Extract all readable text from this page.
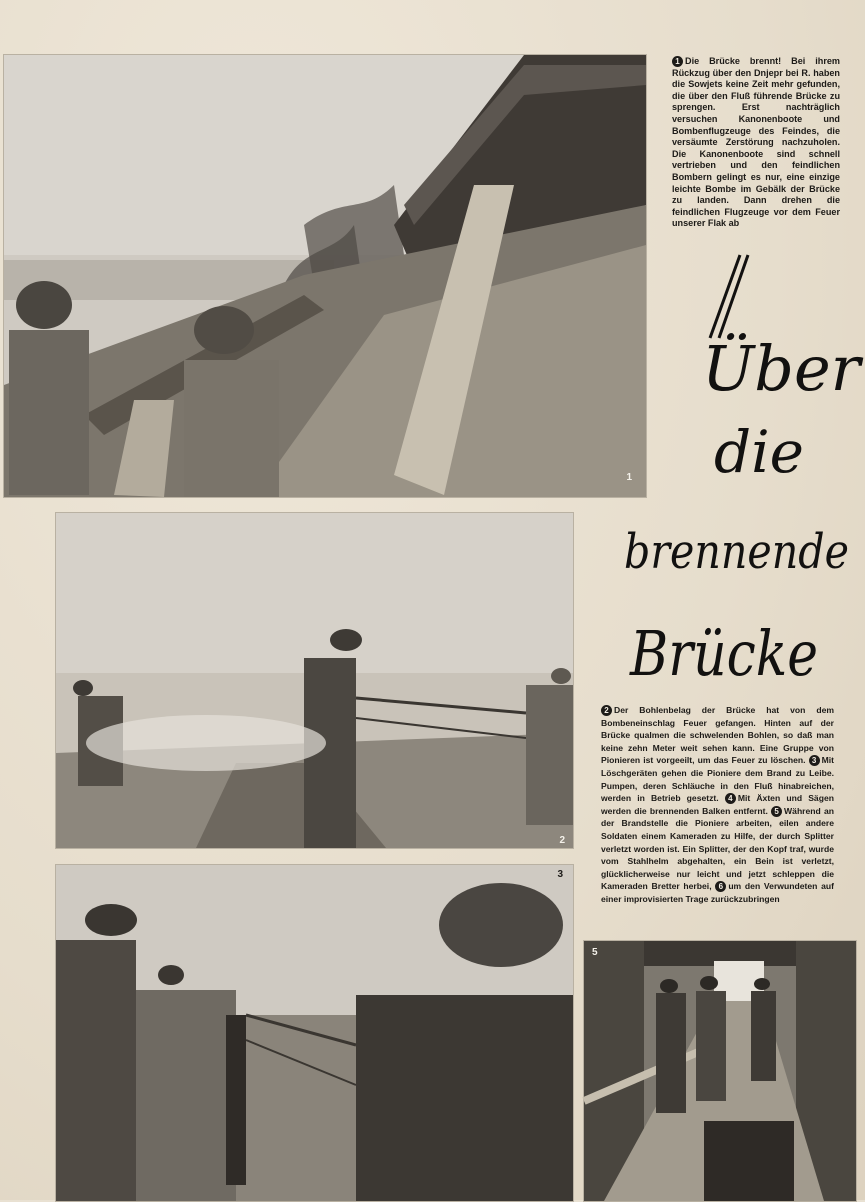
1
1 Die Brücke brennt! Bei ihrem Rückzug über den Dnjepr bei R. haben die Sowjets keine Zeit mehr gefunden, die über den Fluß führende Brücke zu sprengen. Erst nachträglich versuchen Kanonenboote und Bombenflugzeuge des Feindes, die versäumte Zerstörung nachzuholen. Die Kanonenboote sind schnell vertrieben und den feindlichen Bombern gelingt es nur, eine einzige leichte Bombe im Gebälk der Brücke zu landen. Dann drehen die feindlichen Flugzeuge vor dem Feuer unserer Flak ab
Über
die
brennende
Brücke
2
2 Der Bohlenbelag der Brücke hat von dem Bombeneinschlag Feuer gefangen. Hinten auf der Brücke qualmen die schwelenden Bohlen, so daß man keine zehn Meter weit sehen kann. Eine Gruppe von Pionieren ist vorgeeilt, um das Feuer zu löschen. 3 Mit Löschgeräten gehen die Pioniere dem Brand zu Leibe. Pumpen, deren Schläuche in den Fluß hinabreichen, werden in Betrieb gesetzt. 4 Mit Äxten und Sägen werden die brennenden Balken entfernt. 5 Während an der Brandstelle die Pioniere arbeiten, eilen andere Soldaten einem Kameraden zu Hilfe, der durch Splitter verletzt worden ist. Ein Splitter, der den Kopf traf, wurde vom Stahlhelm abgehalten, ein Bein ist verletzt, glücklicherweise nur leicht und jetzt schleppen die Kameraden Bretter herbei, 6 um den Verwundeten auf einer improvisierten Trage zurückzubringen
3
5
